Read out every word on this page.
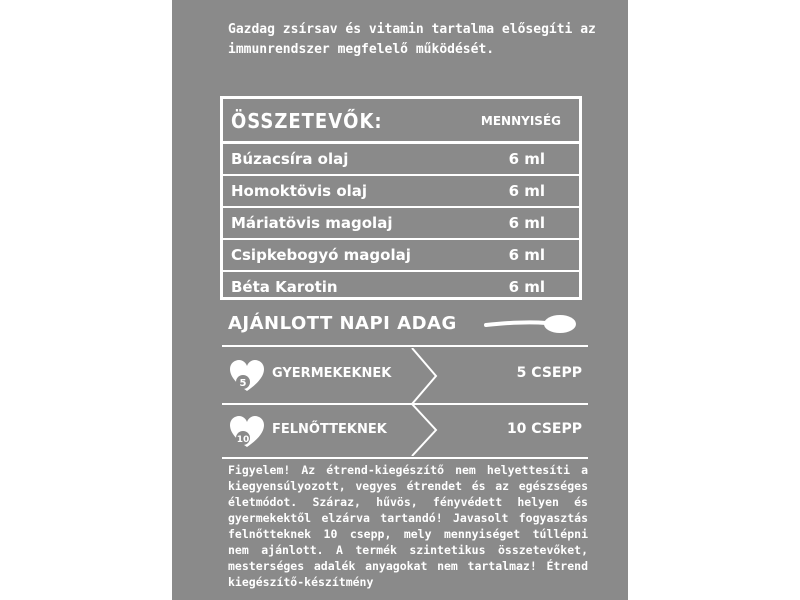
Gazdag zsírsav és vitamin tartalma elősegíti az immunrendszer megfelelő működését.
ÖSSZETEVŐK:	MENNYISÉG
Búzacsíra olaj	6 ml
Homoktövis olaj	6 ml
Máriatövis magolaj	6 ml
Csipkebogyó magolaj	6 ml
Béta Karotin	6 ml
AJÁNLOTT NAPI ADAG
5
GYERMEKEKNEK	5 CSEPP
10
FELNŐTTEKNEK	10 CSEPP
Figyelem! Az étrend-kiegészítő nem helyettesíti a kiegyensúlyozott, vegyes étrendet és az egészséges életmódot. Száraz, hűvös, fényvédett helyen és gyermekektől elzárva tartandó! Javasolt fogyasztás felnőtteknek 10 csepp, mely mennyiséget túllépni nem ajánlott. A termék szintetikus összetevőket, mesterséges adalék anyagokat nem tartalmaz! Étrend kiegészítő-készítmény
